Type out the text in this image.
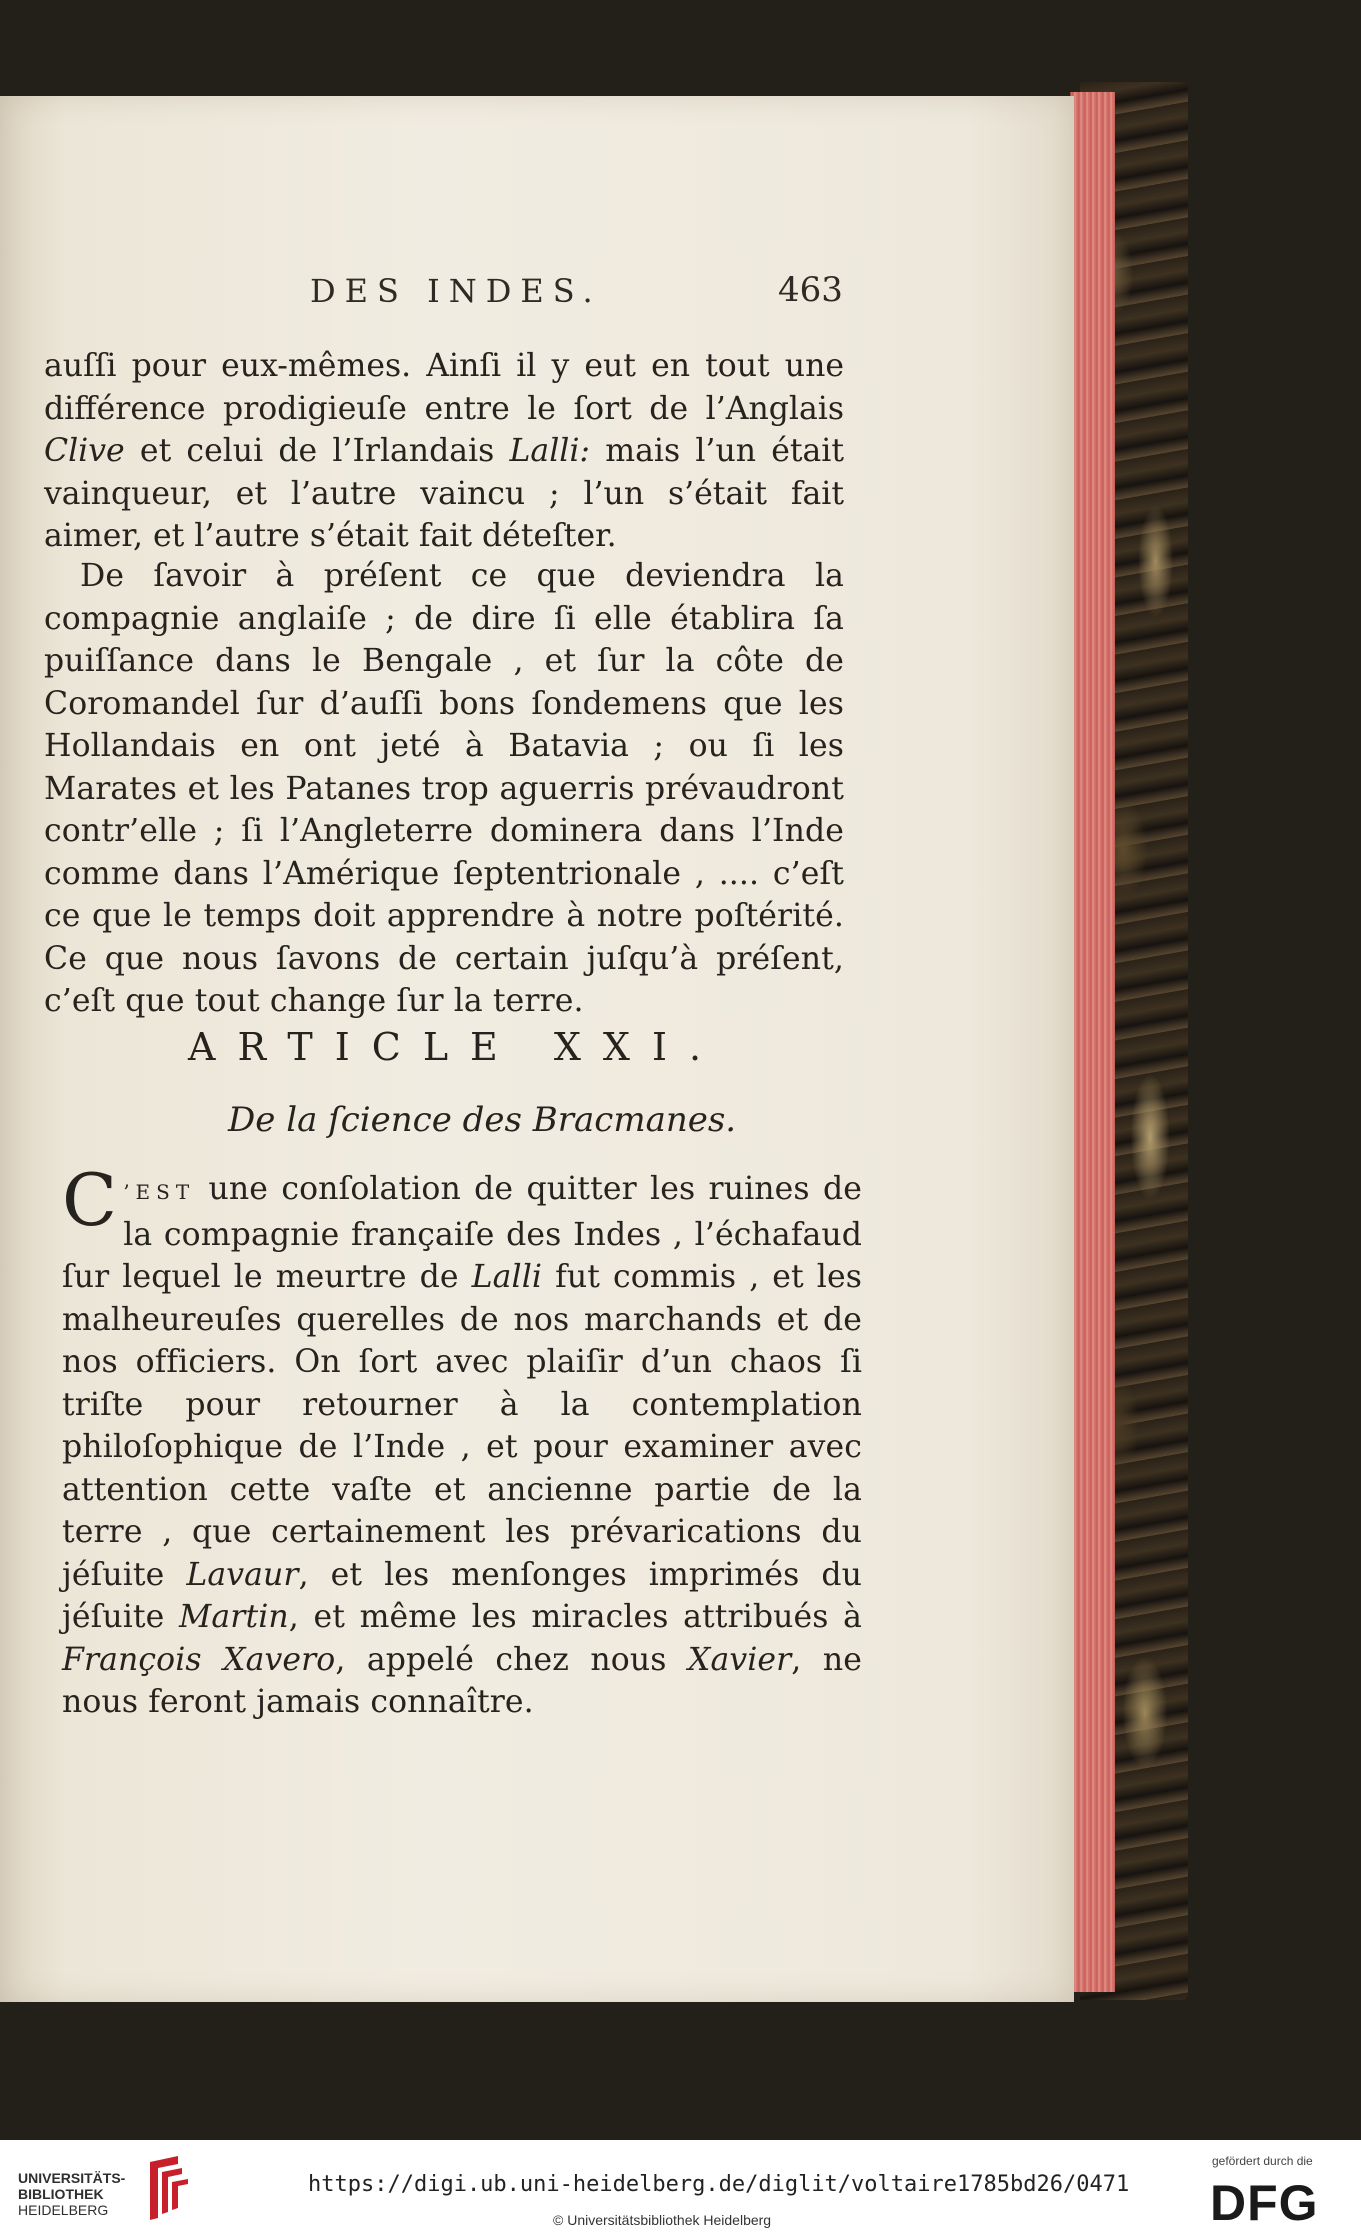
DES INDES.	463

auſſi pour eux-mêmes. Ainſi il y eut en tout une différence prodigieuſe entre le ſort de l’Anglais Clive et celui de l’Irlandais Lalli: mais l’un était vainqueur, et l’autre vaincu ; l’un s’était fait aimer, et l’autre s’était fait déteſter.

De ſavoir à préſent ce que deviendra la compagnie anglaiſe ; de dire ſi elle établira ſa puiſſance dans le Bengale , et ſur la côte de Coromandel ſur d’auſſi bons ſondemens que les Hollandais en ont jeté à Batavia ; ou ſi les Marates et les Patanes trop aguerris prévaudront contr’elle ; ſi l’Angleterre dominera dans l’Inde comme dans l’Amérique ſeptentrionale , .... c’eſt ce que le temps doit apprendre à notre poſtérité. Ce que nous ſavons de certain juſqu’à préſent, c’eſt que tout change ſur la terre.

ARTICLE XXI.
De la ſcience des Bracmanes.

C ’EST une conſolation de quitter les ruines de la compagnie françaiſe des Indes , l’échafaud ſur lequel le meurtre de Lalli fut commis , et les malheureuſes querelles de nos marchands et de nos officiers. On ſort avec plaiſir d’un chaos ſi triſte pour retourner à la contemplation philoſophique de l’Inde , et pour examiner avec attention cette vaſte et ancienne partie de la terre , que certainement les prévarications du jéſuite Lavaur, et les menſonges imprimés du jéſuite Martin, et même les miracles attribués à François Xavero, appelé chez nous Xavier, ne nous feront jamais connaître.

UNIVERSITÄTS-
BIBLIOTHEK
HEIDELBERG
https://digi.ub.uni-heidelberg.de/diglit/voltaire1785bd26/0471
© Universitätsbibliothek Heidelberg
gefördert durch die
DFG
